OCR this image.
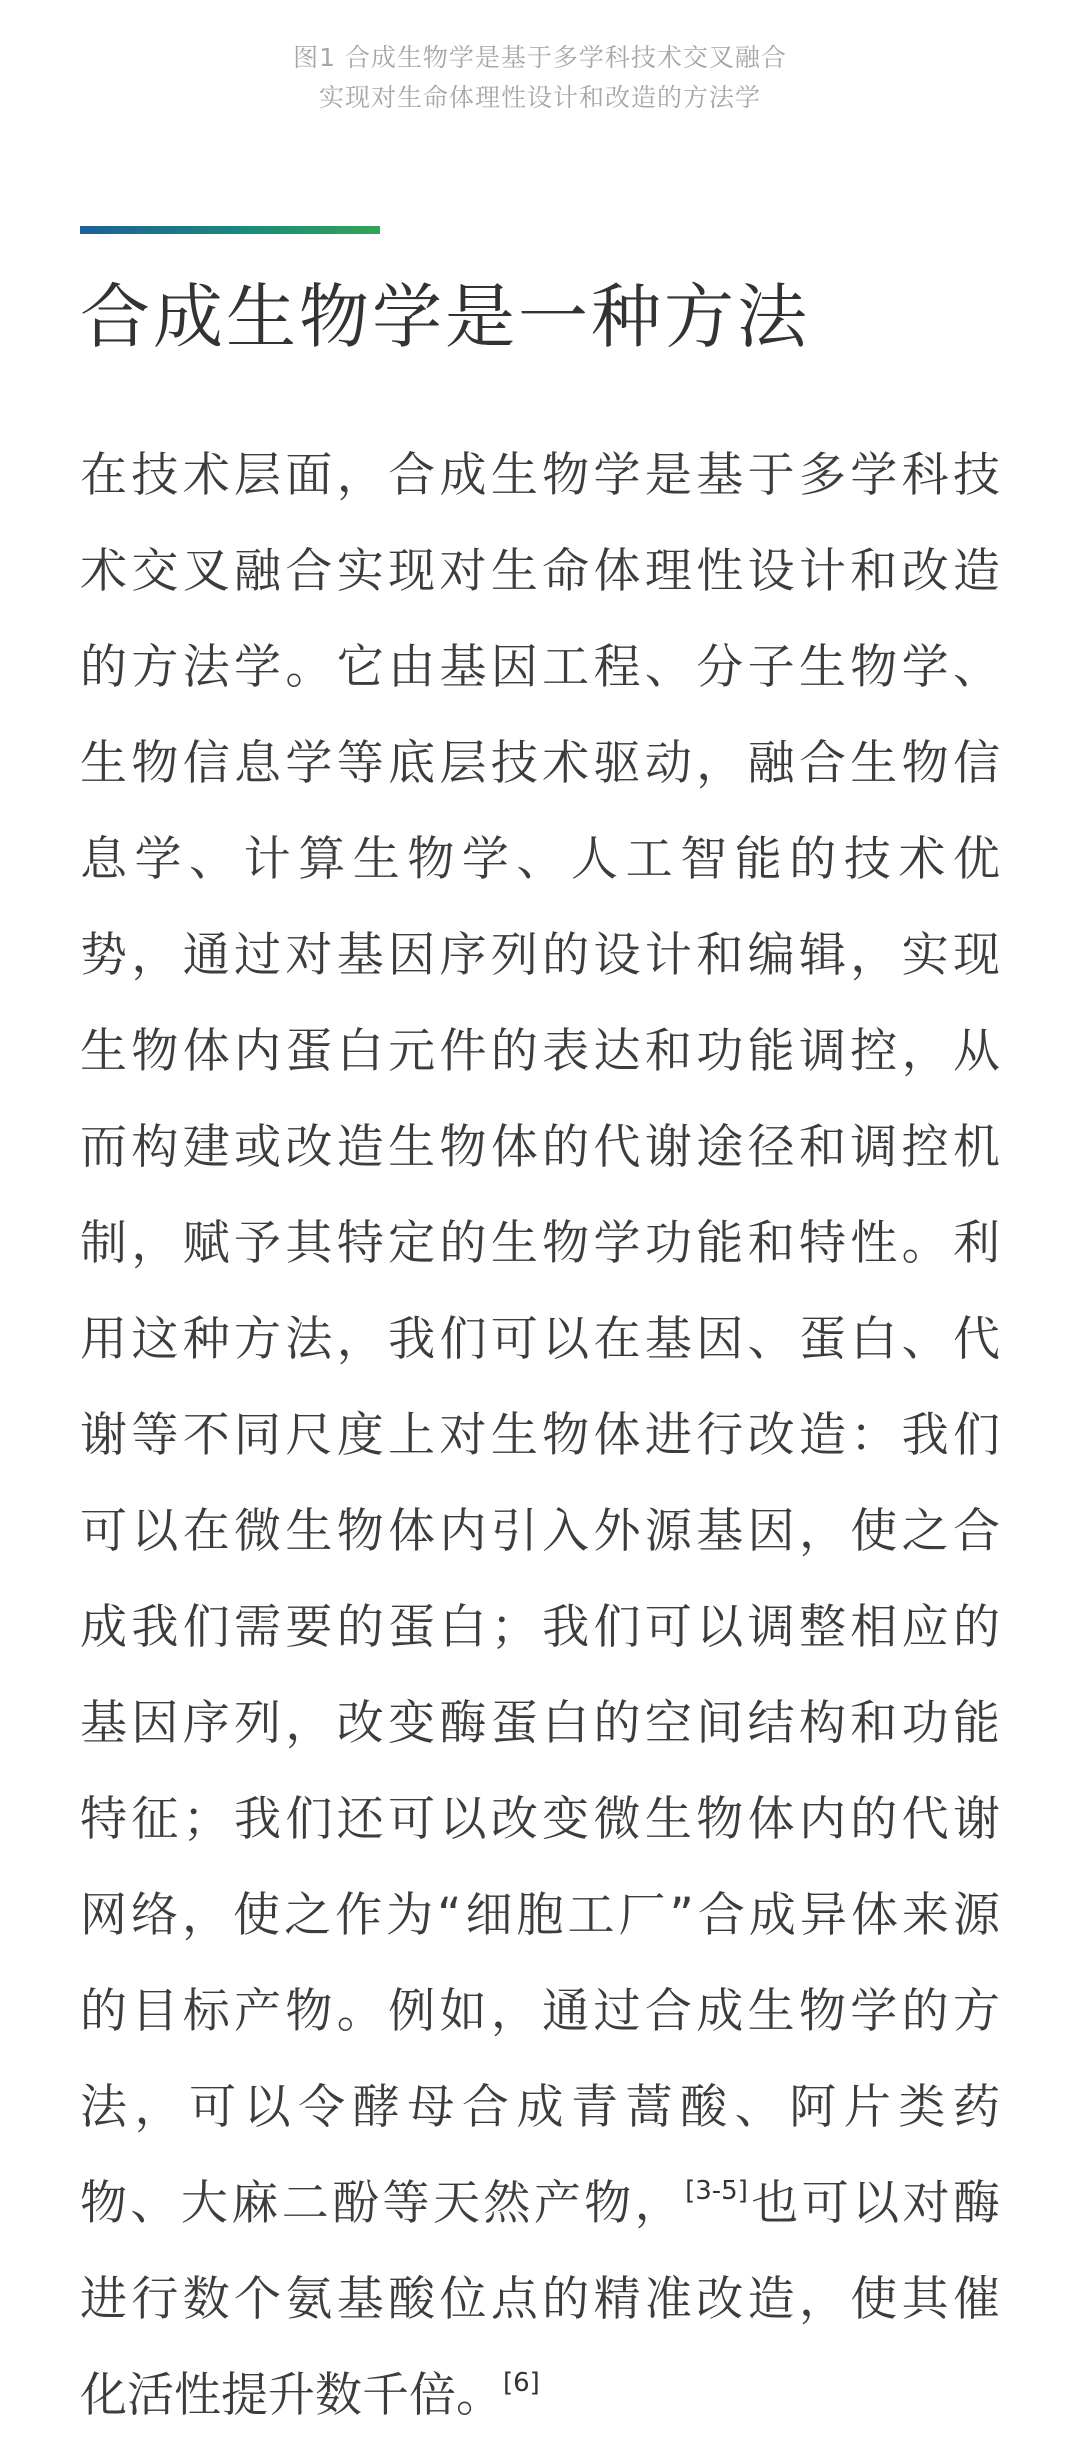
图1 合成生物学是基于多学科技术交叉融合
实现对生命体理性设计和改造的方法学
合成生物学是一种方法
在技术层面，合成生物学是基于多学科技
术交叉融合实现对生命体理性设计和改造
的方法学。它由基因工程、分子生物学、
生物信息学等底层技术驱动，融合生物信
息学、计算生物学、人工智能的技术优
势，通过对基因序列的设计和编辑，实现
生物体内蛋白元件的表达和功能调控，从
而构建或改造生物体的代谢途径和调控机
制，赋予其特定的生物学功能和特性。利
用这种方法，我们可以在基因、蛋白、代
谢等不同尺度上对生物体进行改造：我们
可以在微生物体内引入外源基因，使之合
成我们需要的蛋白；我们可以调整相应的
基因序列，改变酶蛋白的空间结构和功能
特征；我们还可以改变微生物体内的代谢
网络，使之作为“细胞工厂”合成异体来源
的目标产物。例如，通过合成生物学的方
法，可以令酵母合成青蒿酸、阿片类药
物、大麻二酚等天然产物，[3-5]也可以对酶
进行数个氨基酸位点的精准改造，使其催
化活性提升数千倍。[6]
